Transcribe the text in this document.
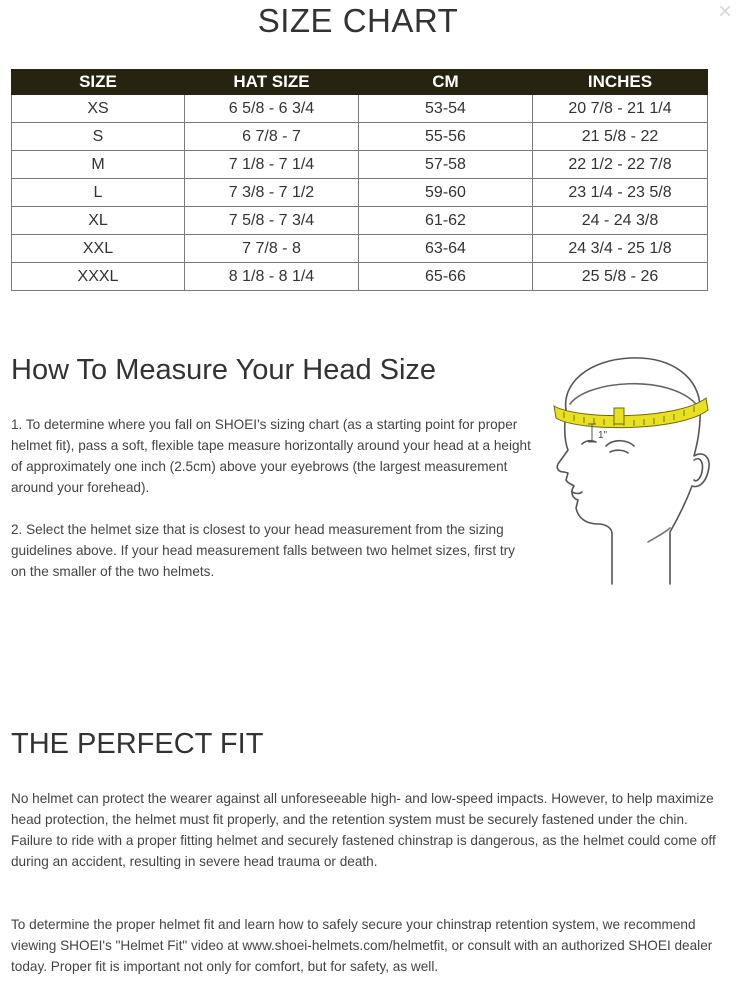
×
SIZE CHART
SIZE	HAT SIZE	CM	INCHES
XS	6 5/8 - 6 3/4	53-54	20 7/8 - 21 1/4
S	6 7/8 - 7	55-56	21 5/8 - 22
M	7 1/8 - 7 1/4	57-58	22 1/2 - 22 7/8
L	7 3/8 - 7 1/2	59-60	23 1/4 - 23 5/8
XL	7 5/8 - 7 3/4	61-62	24 - 24 3/8
XXL	7 7/8 - 8	63-64	24 3/4 - 25 1/8
XXXL	8 1/8 - 8 1/4	65-66	25 5/8 - 26
How To Measure Your Head Size

1. To determine where you fall on SHOEI's sizing chart (as a starting point for proper helmet fit), pass a soft, flexible tape measure horizontally around your head at a height of approximately one inch (2.5cm) above your eyebrows (the largest measurement around your forehead).

2. Select the helmet size that is closest to your head measurement from the sizing guidelines above. If your head measurement falls between two helmet sizes, first try on the smaller of the two helmets.

1"
THE PERFECT FIT

No helmet can protect the wearer against all unforeseeable high- and low-speed impacts. However, to help maximize head protection, the helmet must fit properly, and the retention system must be securely fastened under the chin. Failure to ride with a proper fitting helmet and securely fastened chinstrap is dangerous, as the helmet could come off during an accident, resulting in severe head trauma or death.

To determine the proper helmet fit and learn how to safely secure your chinstrap retention system, we recommend viewing SHOEI's "Helmet Fit" video at www.shoei-helmets.com/helmetfit, or consult with an authorized SHOEI dealer today. Proper fit is important not only for comfort, but for safety, as well.
